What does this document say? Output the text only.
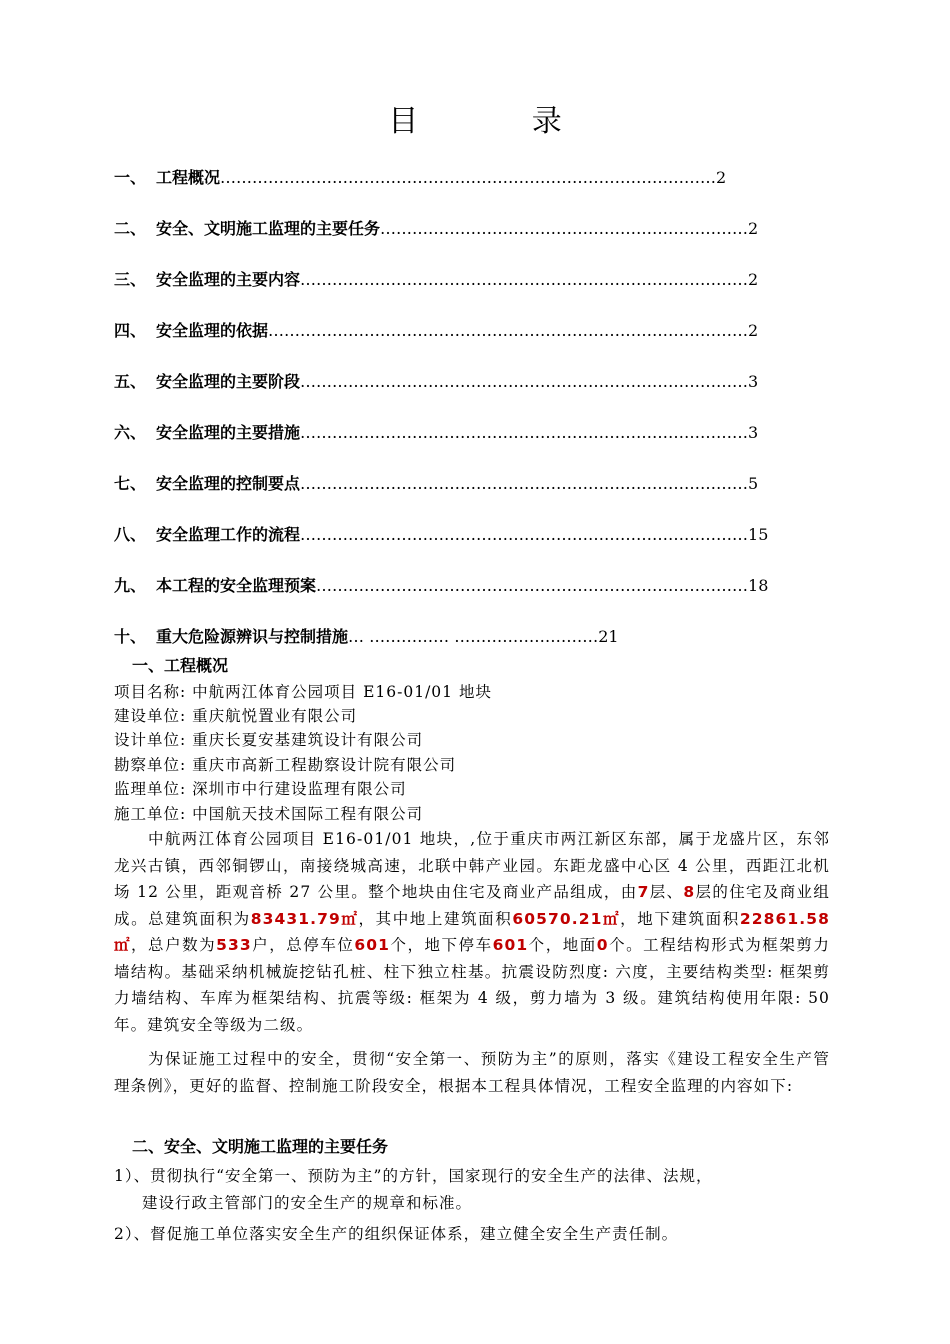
目 录
一、 工程概况…………………………………………………………………………………2
二、 安全、文明施工监理的主要任务……………………………………………………………2
三、 安全监理的主要内容…………………………………………………………………………2
四、 安全监理的依据………………………………………………………………………………2
五、 安全监理的主要阶段…………………………………………………………………………3
六、 安全监理的主要措施…………………………………………………………………………3
七、 安全监理的控制要点…………………………………………………………………………5
八、 安全监理工作的流程…………………………………………………………………………15
九、 本工程的安全监理预案………………………………………………………………………18
十、 重大危险源辨识与控制措施… …………… ………………………21
一、工程概况
项目名称: 中航两江体育公园项目 E16-01/01 地块
建设单位: 重庆航悦置业有限公司
设计单位: 重庆长夏安基建筑设计有限公司
勘察单位: 重庆市高新工程勘察设计院有限公司
监理单位: 深圳市中行建设监理有限公司
施工单位: 中国航天技术国际工程有限公司
中航两江体育公园项目 E16-01/01 地块，,位于重庆市两江新区东部，属于龙盛片区，东邻龙兴古镇，西邻铜锣山，南接绕城高速，北联中韩产业园。东距龙盛中心区 4 公里，西距江北机场 12 公里，距观音桥 27 公里。整个地块由住宅及商业产品组成，由7层、8层的住宅及商业组成。总建筑面积为83431.79㎡，其中地上建筑面积60570.21㎡，地下建筑面积22861.58㎡，总户数为533户，总停车位601个，地下停车601个，地面0个。工程结构形式为框架剪力墙结构。基础采纳机械旋挖钻孔桩、柱下独立柱基。抗震设防烈度: 六度，主要结构类型: 框架剪力墙结构、车库为框架结构、抗震等级: 框架为 4 级，剪力墙为 3 级。建筑结构使用年限: 50 年。建筑安全等级为二级。
为保证施工过程中的安全，贯彻“安全第一、预防为主”的原则，落实《建设工程安全生产管理条例》，更好的监督、控制施工阶段安全，根据本工程具体情况，工程安全监理的内容如下:
二、安全、文明施工监理的主要任务
1）、贯彻执行“安全第一、预防为主”的方针，国家现行的安全生产的法律、法规，
建设行政主管部门的安全生产的规章和标准。
2）、督促施工单位落实安全生产的组织保证体系，建立健全安全生产责任制。
